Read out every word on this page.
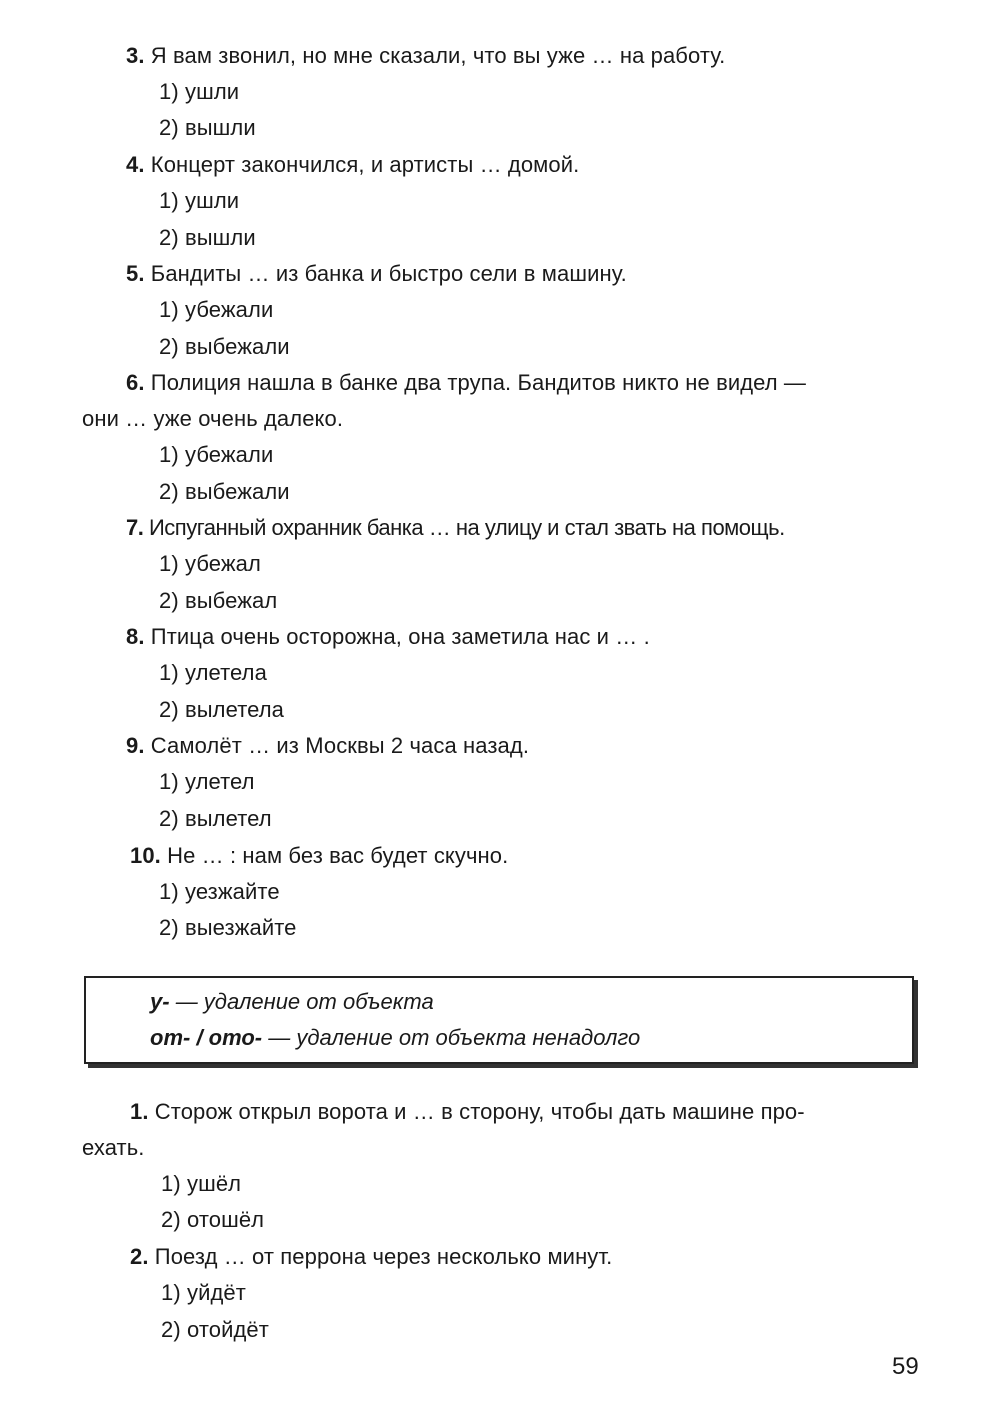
3. Я вам звонил, но мне сказали, что вы уже … на работу.
1) ушли
2) вышли
4. Концерт закончился, и артисты … домой.
1) ушли
2) вышли
5. Бандиты … из банка и быстро сели в машину.
1) убежали
2) выбежали
6. Полиция нашла в банке два трупа. Бандитов никто не видел —
они … уже очень далеко.
1) убежали
2) выбежали
7. Испуганный охранник банка … на улицу и стал звать на помощь.
1) убежал
2) выбежал
8. Птица очень осторожна, она заметила нас и … .
1) улетела
2) вылетела
9. Самолёт … из Москвы 2 часа назад.
1) улетел
2) вылетел
10. Не … : нам без вас будет скучно.
1) уезжайте
2) выезжайте
у- — удаление от объекта
от- / ото- — удаление от объекта ненадолго
1. Сторож открыл ворота и … в сторону, чтобы дать машине про-
ехать.
1) ушёл
2) отошёл
2. Поезд … от перрона через несколько минут.
1) уйдёт
2) отойдёт
59
